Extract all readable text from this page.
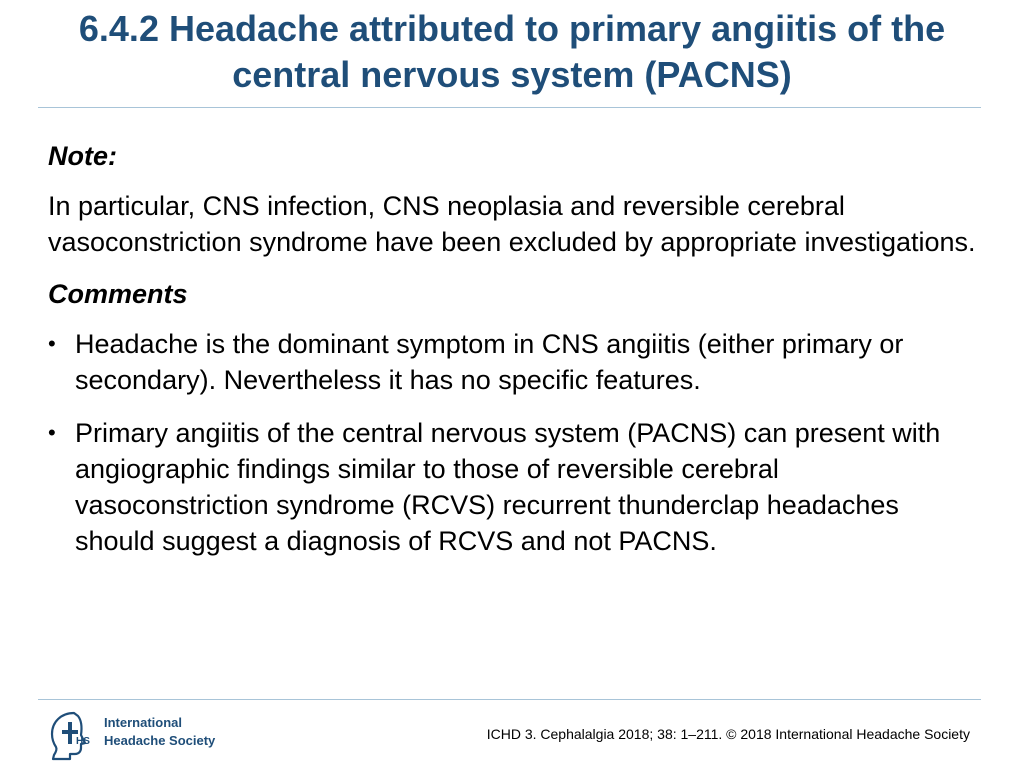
6.4.2 Headache attributed to primary angiitis of the central nervous system (PACNS)

Note:

In particular, CNS infection, CNS neoplasia and reversible cerebral vasoconstriction syndrome have been excluded by appropriate investigations.

Comments

• Headache is the dominant symptom in CNS angiitis (either primary or secondary). Nevertheless it has no specific features.
• Primary angiitis of the central nervous system (PACNS) can present with angiographic findings similar to those of reversible cerebral vasoconstriction syndrome (RCVS) recurrent thunderclap headaches should suggest a diagnosis of RCVS and not PACNS.
HS
International
Headache Society	ICHD 3. Cephalalgia 2018; 38: 1–211. © 2018 International Headache Society
